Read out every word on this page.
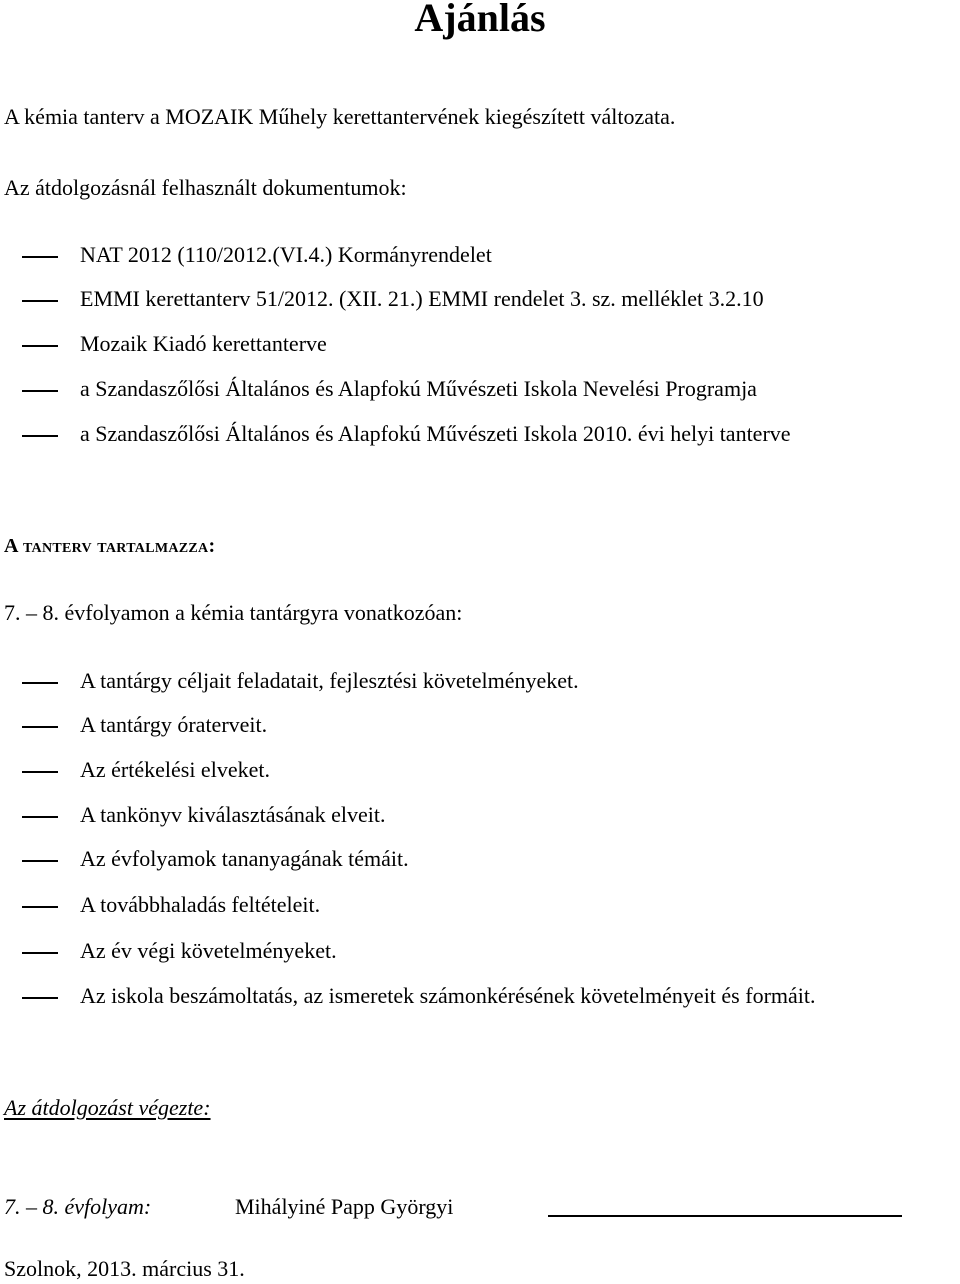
Ajánlás
A kémia tanterv a MOZAIK Műhely kerettantervének kiegészített változata.
Az átdolgozásnál felhasznált dokumentumok:
NAT 2012 (110/2012.(VI.4.) Kormányrendelet
EMMI kerettanterv 51/2012. (XII. 21.) EMMI rendelet 3. sz. melléklet 3.2.10
Mozaik Kiadó kerettanterve
a Szandaszőlősi Általános és Alapfokú Művészeti Iskola Nevelési Programja
a Szandaszőlősi Általános és Alapfokú Művészeti Iskola 2010. évi helyi tanterve
A tanterv tartalmazza:
7. – 8. évfolyamon a kémia tantárgyra vonatkozóan:
A tantárgy céljait feladatait, fejlesztési követelményeket.
A tantárgy óraterveit.
Az értékelési elveket.
A tankönyv kiválasztásának elveit.
Az évfolyamok tananyagának témáit.
A továbbhaladás feltételeit.
Az év végi követelményeket.
Az iskola beszámoltatás, az ismeretek számonkérésének követelményeit és formáit.
Az átdolgozást végezte:
7. – 8. évfolyam:	Mihályiné Papp Györgyi
Szolnok, 2013. március 31.
